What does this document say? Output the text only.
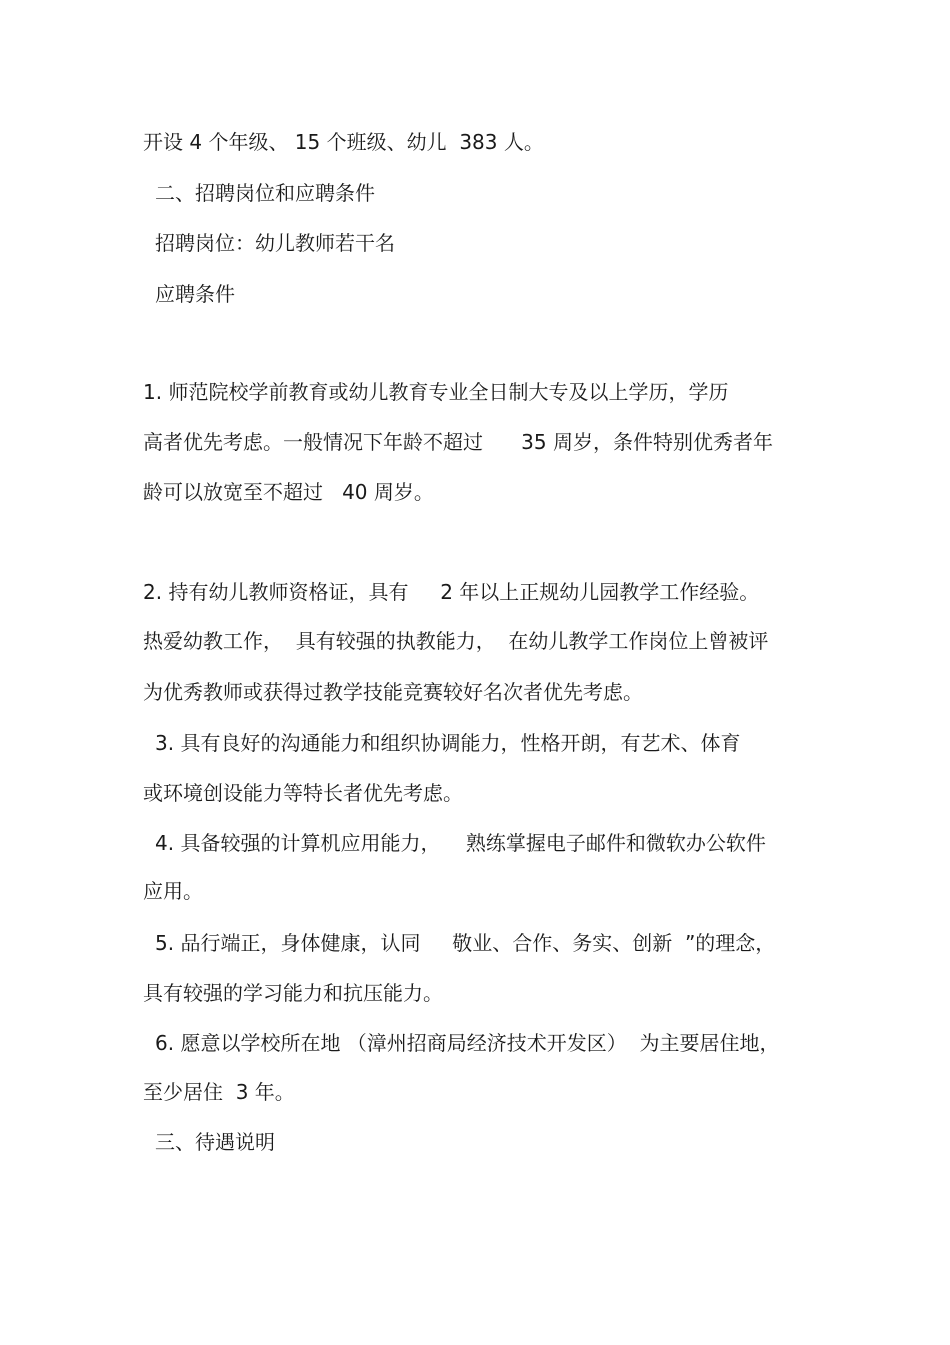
开设 4 个年级、 15 个班级、幼儿  383 人。
二、招聘岗位和应聘条件
招聘岗位：幼儿教师若干名
应聘条件
1. 师范院校学前教育或幼儿教育专业全日制大专及以上学历，学历
高者优先考虑。一般情况下年龄不超过      35 周岁，条件特别优秀者年
龄可以放宽至不超过   40 周岁。
2. 持有幼儿教师资格证，具有     2 年以上正规幼儿园教学工作经验。
热爱幼教工作，  具有较强的执教能力，  在幼儿教学工作岗位上曾被评
为优秀教师或获得过教学技能竞赛较好名次者优先考虑。
3. 具有良好的沟通能力和组织协调能力，性格开朗，有艺术、体育
或环境创设能力等特长者优先考虑。
4. 具备较强的计算机应用能力，    熟练掌握电子邮件和微软办公软件
应用。
5. 品行端正，身体健康，认同     敬业、合作、务实、创新  ”的理念，
具有较强的学习能力和抗压能力。
6. 愿意以学校所在地 （漳州招商局经济技术开发区）  为主要居住地，
至少居住  3 年。
三、待遇说明
